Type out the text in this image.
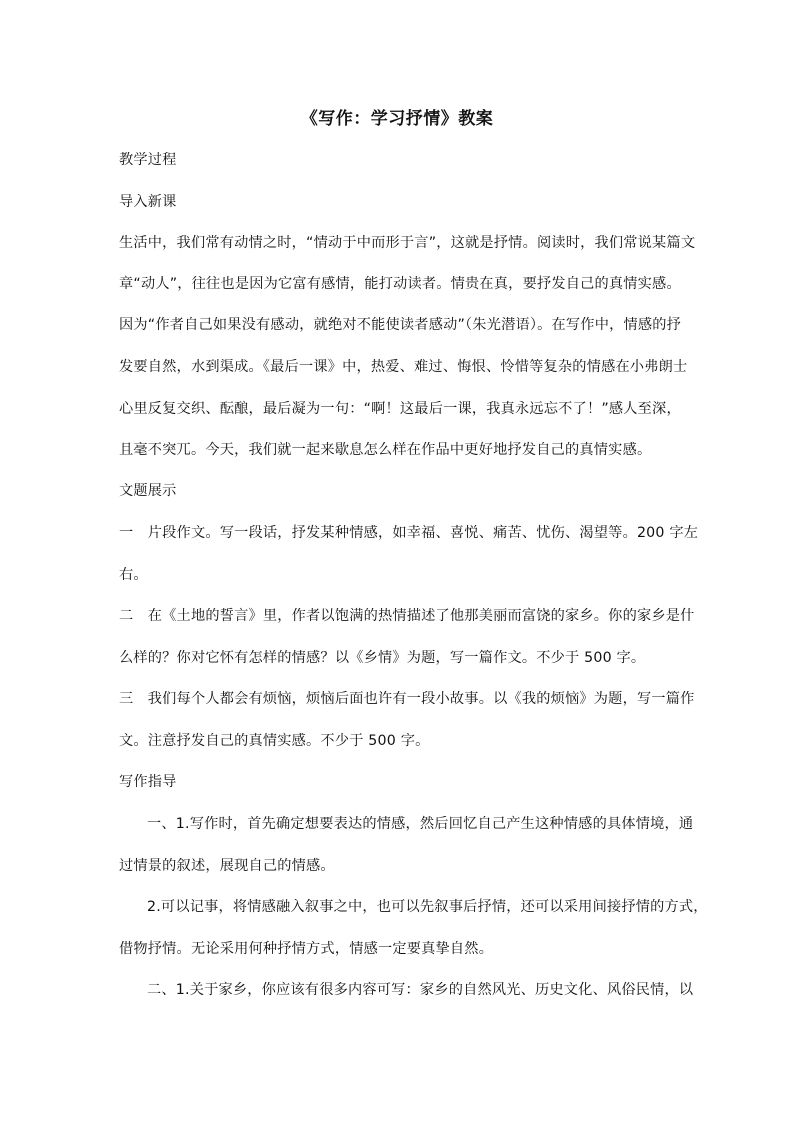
《写作：学习抒情》教案
教学过程
导入新课
生活中，我们常有动情之时，“情动于中而形于言”，这就是抒情。阅读时，我们常说某篇文
章“动人”，往往也是因为它富有感情，能打动读者。情贵在真，要抒发自己的真情实感。
因为“作者自己如果没有感动，就绝对不能使读者感动”（朱光潜语）。在写作中，情感的抒
发要自然，水到渠成。《最后一课》中，热爱、难过、悔恨、怜惜等复杂的情感在小弗朗士
心里反复交织、酝酿，最后凝为一句：“啊！这最后一课，我真永远忘不了！”感人至深，
且毫不突兀。今天，我们就一起来歇息怎么样在作品中更好地抒发自己的真情实感。
文题展示
一　片段作文。写一段话，抒发某种情感，如幸福、喜悦、痛苦、忧伤、渴望等。200 字左
右。
二　在《土地的誓言》里，作者以饱满的热情描述了他那美丽而富饶的家乡。你的家乡是什
么样的？你对它怀有怎样的情感？以《乡情》为题，写一篇作文。不少于 500 字。
三　我们每个人都会有烦恼，烦恼后面也许有一段小故事。以《我的烦恼》为题，写一篇作
文。注意抒发自己的真情实感。不少于 500 字。
写作指导
一、1.写作时，首先确定想要表达的情感，然后回忆自己产生这种情感的具体情境，通
过情景的叙述，展现自己的情感。
2.可以记事，将情感融入叙事之中，也可以先叙事后抒情，还可以采用间接抒情的方式，
借物抒情。无论采用何种抒情方式，情感一定要真挚自然。
二、1.关于家乡，你应该有很多内容可写：家乡的自然风光、历史文化、风俗民情，以
